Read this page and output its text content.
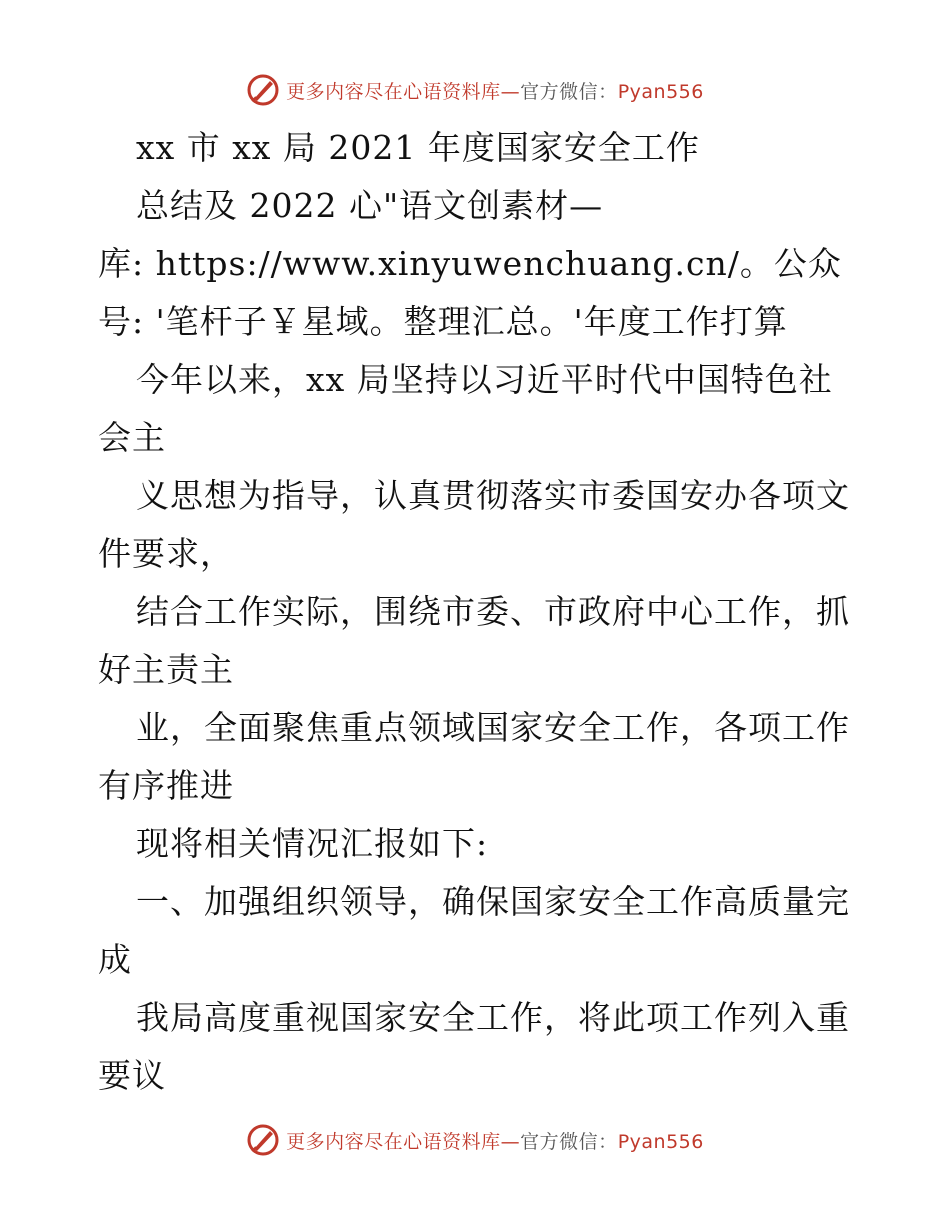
更多内容尽在心语资料库—官方微信：Pyan556
xx 市 xx 局 2021 年度国家安全工作
总结及 2022 心"语文创素材—
库: https://www.xinyuwenchuang.cn/。公众
号: '笔杆子￥星域。整理汇总。'年度工作打算
今年以来，xx 局坚持以习近平时代中国特色社
会主
义思想为指导，认真贯彻落实市委国安办各项文
件要求，
结合工作实际，围绕市委、市政府中心工作，抓
好主责主
业，全面聚焦重点领域国家安全工作，各项工作
有序推进
现将相关情况汇报如下:
一、加强组织领导，确保国家安全工作高质量完
成
我局高度重视国家安全工作，将此项工作列入重
要议
更多内容尽在心语资料库—官方微信：Pyan556
